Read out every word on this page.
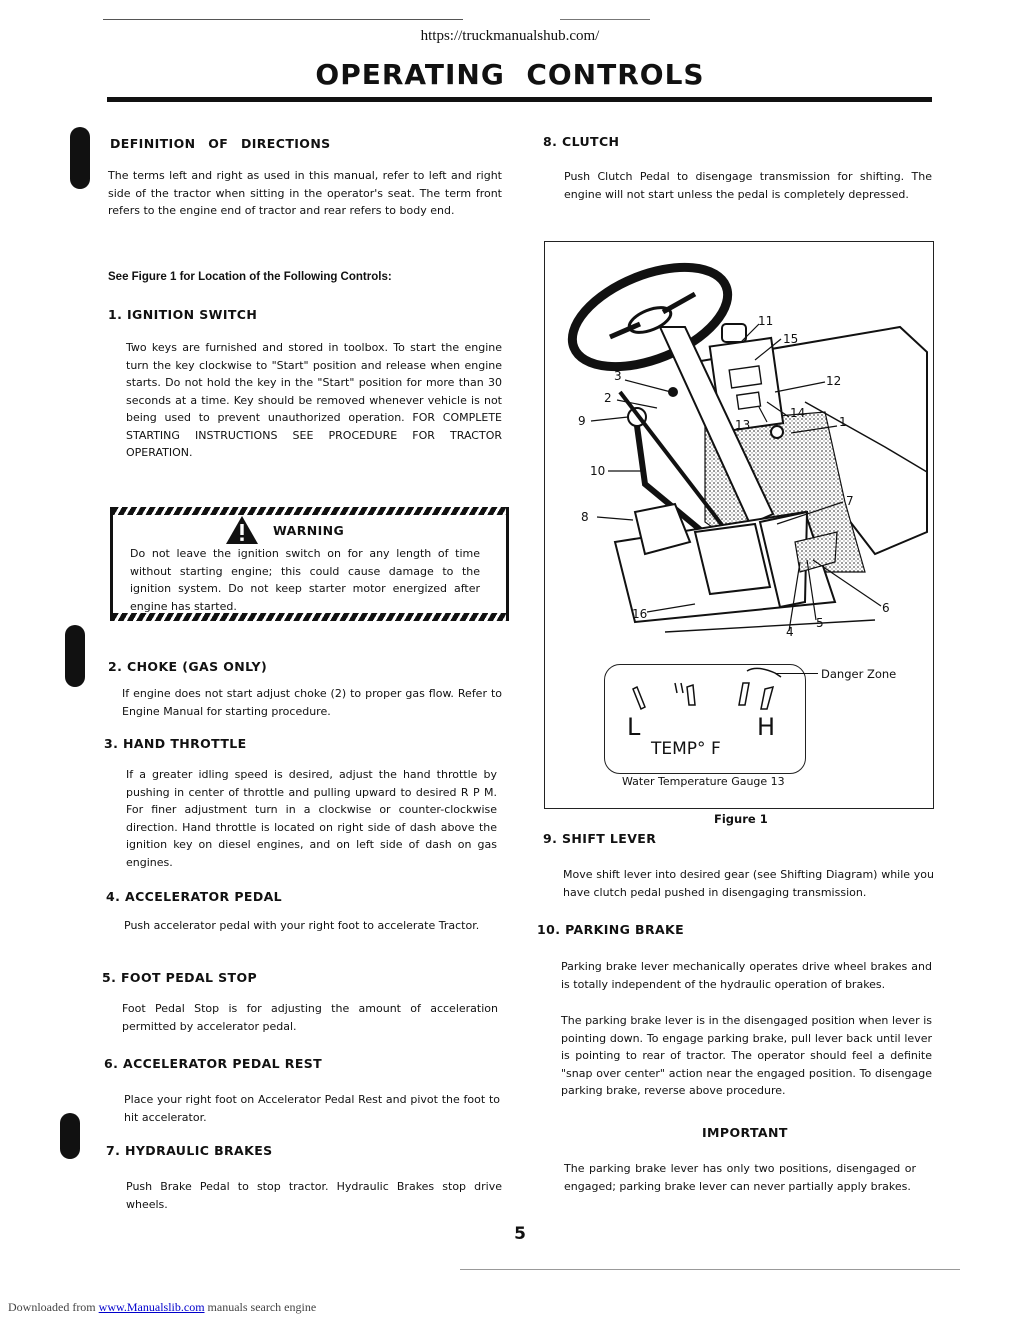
https://truckmanualshub.com/
OPERATING  CONTROLS
DEFINITION OF DIRECTIONS
The terms left and right as used in this manual, refer to left and right side of the tractor when sitting in the operator's seat. The term front refers to the engine end of tractor and rear refers to body end.
See Figure 1 for Location of the Following Controls:
1. IGNITION SWITCH
Two keys are furnished and stored in toolbox. To start the engine turn the key clockwise to "Start" position and release when engine starts. Do not hold the key in the "Start" position for more than 30 seconds at a time. Key should be removed whenever vehicle is not being used to prevent unauthorized operation. FOR COMPLETE STARTING INSTRUCTIONS SEE PROCEDURE FOR TRACTOR OPERATION.
WARNING
Do not leave the ignition switch on for any length of time without starting engine; this could cause damage to the ignition system. Do not keep starter motor energized after engine has started.
2. CHOKE (GAS ONLY)
If engine does not start adjust choke (2) to proper gas flow. Refer to Engine Manual for starting procedure.
3. HAND THROTTLE
If a greater idling speed is desired, adjust the hand throttle by pushing in center of throttle and pulling upward to desired R P M. For finer adjustment turn in a clockwise or counter-clockwise direction. Hand throttle is located on right side of dash above the ignition key on diesel engines, and on left side of dash on gas engines.
4. ACCELERATOR PEDAL
Push accelerator pedal with your right foot to accelerate Tractor.
5. FOOT PEDAL STOP
Foot Pedal Stop is for adjusting the amount of acceleration permitted by accelerator pedal.
6. ACCELERATOR PEDAL REST
Place your right foot on Accelerator Pedal Rest and pivot the foot to hit accelerator.
7. HYDRAULIC BRAKES
Push Brake Pedal to stop tractor. Hydraulic Brakes stop drive wheels.
8. CLUTCH
Push Clutch Pedal to disengage transmission for shifting. The engine will not start unless the pedal is completely depressed.
11
15
3	12
2
14
9	13	1
10
7
8
6
16
4
5
L	H
TEMP° F
Danger Zone
Water Temperature Gauge 13
Figure 1
9. SHIFT LEVER
Move shift lever into desired gear (see Shifting Diagram) while you have clutch pedal pushed in disengaging transmission.
10. PARKING BRAKE
Parking brake lever mechanically operates drive wheel brakes and is totally independent of the hydraulic operation of brakes.
The parking brake lever is in the disengaged position when lever is pointing down. To engage parking brake, pull lever back until lever is pointing to rear of tractor. The operator should feel a definite "snap over center" action near the engaged position. To disengage parking brake, reverse above procedure.
IMPORTANT
The parking brake lever has only two positions, disengaged or engaged; parking brake lever can never partially apply brakes.
5
Downloaded from www.Manualslib.com manuals search engine
